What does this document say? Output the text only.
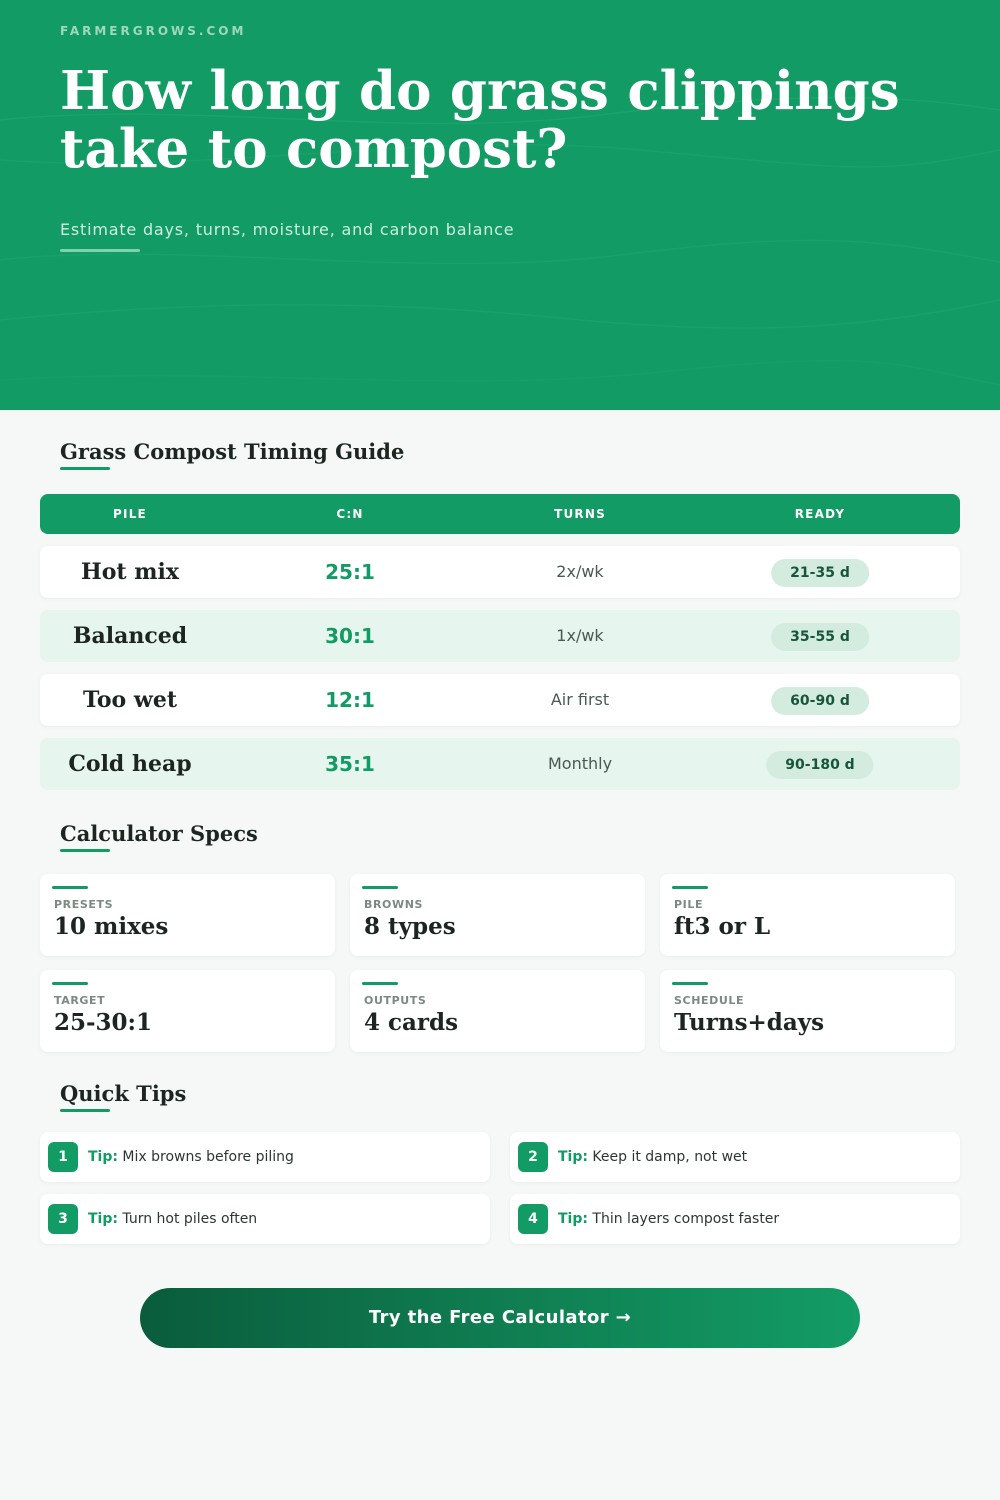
FARMERGROWS.COM
How long do grass clippings take to compost?
Estimate days, turns, moisture, and carbon balance
Grass Compost Timing Guide
PILE	C:N	TURNS	READY
Hot mix	25:1	2x/wk	21-35 d
Balanced	30:1	1x/wk	35-55 d
Too wet	12:1	Air first	60-90 d
Cold heap	35:1	Monthly	90-180 d
Calculator Specs
PRESETS
10 mixes
BROWNS
8 types
PILE
ft3 or L
TARGET
25-30:1
OUTPUTS
4 cards
SCHEDULE
Turns+days
Quick Tips
1	Tip: Mix browns before piling	2	Tip: Keep it damp, not wet
3	Tip: Turn hot piles often	4	Tip: Thin layers compost faster
Try the Free Calculator →
